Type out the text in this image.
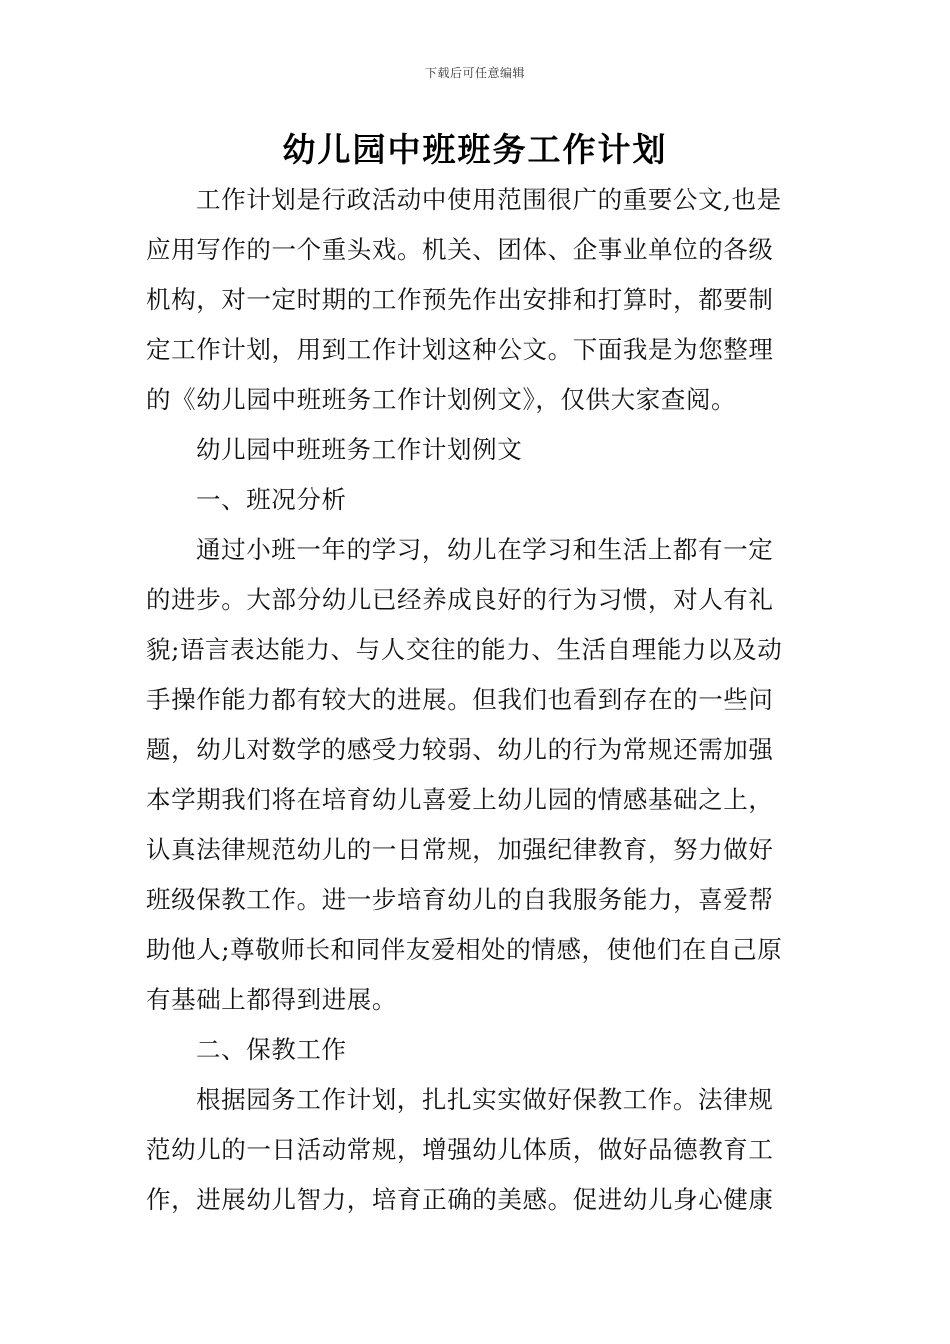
下载后可任意编辑
幼儿园中班班务工作计划
工作计划是行政活动中使用范围很广的重要公文,也是
应用写作的一个重头戏。机关、团体、企事业单位的各级
机构，对一定时期的工作预先作出安排和打算时，都要制
定工作计划，用到工作计划这种公文。下面我是为您整理
的《幼儿园中班班务工作计划例文》，仅供大家查阅。
幼儿园中班班务工作计划例文
一、班况分析
通过小班一年的学习，幼儿在学习和生活上都有一定
的进步。大部分幼儿已经养成良好的行为习惯，对人有礼
貌;语言表达能力、与人交往的能力、生活自理能力以及动
手操作能力都有较大的进展。但我们也看到存在的一些问
题，幼儿对数学的感受力较弱、幼儿的行为常规还需加强
本学期我们将在培育幼儿喜爱上幼儿园的情感基础之上，
认真法律规范幼儿的一日常规，加强纪律教育，努力做好
班级保教工作。进一步培育幼儿的自我服务能力，喜爱帮
助他人;尊敬师长和同伴友爱相处的情感，使他们在自己原
有基础上都得到进展。
二、保教工作
根据园务工作计划，扎扎实实做好保教工作。法律规
范幼儿的一日活动常规，增强幼儿体质，做好品德教育工
作，进展幼儿智力，培育正确的美感。促进幼儿身心健康
